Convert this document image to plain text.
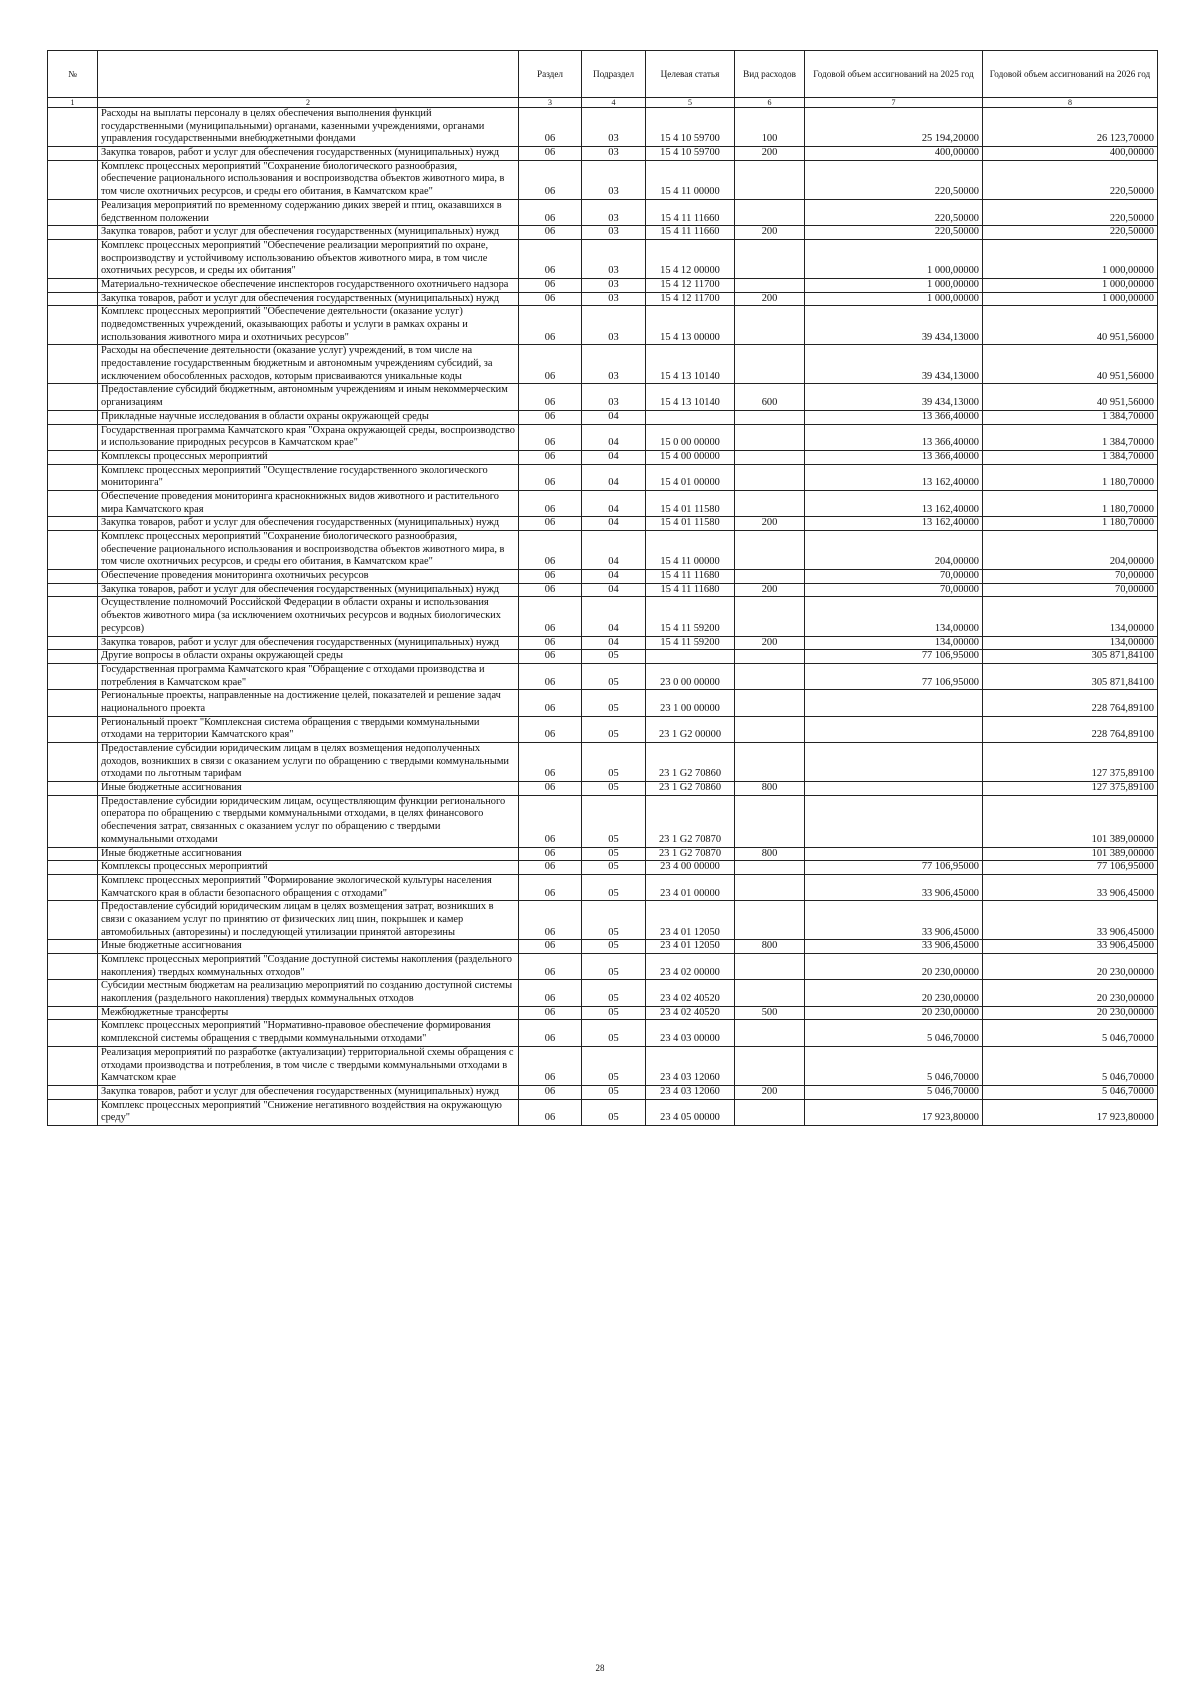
№		Раздел	Подраздел	Целевая статья	Вид расходов	Годовой объем ассигнований на 2025 год	Годовой объем ассигнований на 2026 год
1	2	3	4	5	6	7	8
	Расходы на выплаты персоналу в целях обеспечения выполнения функций государственными (муниципальными) органами, казенными учреждениями, органами управления государственными внебюджетными фондами	06	03	15 4 10 59700	100	25 194,20000	26 123,70000
	Закупка товаров, работ и услуг для обеспечения государственных (муниципальных) нужд	06	03	15 4 10 59700	200	400,00000	400,00000
	Комплекс процессных мероприятий "Сохранение биологического разнообразия, обеспечение рационального использования и воспроизводства объектов животного мира, в том числе охотничьих ресурсов, и среды его обитания, в Камчатском крае"	06	03	15 4 11 00000		220,50000	220,50000
	Реализация мероприятий по временному содержанию диких зверей и птиц, оказавшихся в бедственном положении	06	03	15 4 11 11660		220,50000	220,50000
	Закупка товаров, работ и услуг для обеспечения государственных (муниципальных) нужд	06	03	15 4 11 11660	200	220,50000	220,50000
	Комплекс процессных мероприятий "Обеспечение реализации мероприятий по охране, воспроизводству и устойчивому использованию объектов животного мира, в том числе охотничьих ресурсов, и среды их обитания"	06	03	15 4 12 00000		1 000,00000	1 000,00000
	Материально-техническое обеспечение инспекторов государственного охотничьего надзора	06	03	15 4 12 11700		1 000,00000	1 000,00000
	Закупка товаров, работ и услуг для обеспечения государственных (муниципальных) нужд	06	03	15 4 12 11700	200	1 000,00000	1 000,00000
	Комплекс процессных мероприятий "Обеспечение деятельности (оказание услуг) подведомственных учреждений, оказывающих работы и услуги в рамках охраны и использования животного мира и охотничьих ресурсов"	06	03	15 4 13 00000		39 434,13000	40 951,56000
	Расходы на обеспечение деятельности (оказание услуг) учреждений, в том числе на предоставление государственным бюджетным и автономным учреждениям субсидий, за исключением обособленных расходов, которым присваиваются уникальные коды	06	03	15 4 13 10140		39 434,13000	40 951,56000
	Предоставление субсидий бюджетным, автономным учреждениям и иным некоммерческим организациям	06	03	15 4 13 10140	600	39 434,13000	40 951,56000
	Прикладные научные исследования в области охраны окружающей среды	06	04			13 366,40000	1 384,70000
	Государственная программа Камчатского края "Охрана окружающей среды, воспроизводство и использование природных ресурсов в Камчатском крае"	06	04	15 0 00 00000		13 366,40000	1 384,70000
	Комплексы процессных мероприятий	06	04	15 4 00 00000		13 366,40000	1 384,70000
	Комплекс процессных мероприятий "Осуществление государственного экологического мониторинга"	06	04	15 4 01 00000		13 162,40000	1 180,70000
	Обеспечение проведения мониторинга краснокнижных видов животного и растительного мира Камчатского края	06	04	15 4 01 11580		13 162,40000	1 180,70000
	Закупка товаров, работ и услуг для обеспечения государственных (муниципальных) нужд	06	04	15 4 01 11580	200	13 162,40000	1 180,70000
	Комплекс процессных мероприятий "Сохранение биологического разнообразия, обеспечение рационального использования и воспроизводства объектов животного мира, в том числе охотничьих ресурсов, и среды его обитания, в Камчатском крае"	06	04	15 4 11 00000		204,00000	204,00000
	Обеспечение проведения мониторинга охотничьих ресурсов	06	04	15 4 11 11680		70,00000	70,00000
	Закупка товаров, работ и услуг для обеспечения государственных (муниципальных) нужд	06	04	15 4 11 11680	200	70,00000	70,00000
	Осуществление полномочий Российской Федерации в области охраны и использования объектов животного мира (за исключением охотничьих ресурсов и водных биологических ресурсов)	06	04	15 4 11 59200		134,00000	134,00000
	Закупка товаров, работ и услуг для обеспечения государственных (муниципальных) нужд	06	04	15 4 11 59200	200	134,00000	134,00000
	Другие вопросы в области охраны окружающей среды	06	05			77 106,95000	305 871,84100
	Государственная программа Камчатского края "Обращение с отходами производства и потребления в Камчатском крае"	06	05	23 0 00 00000		77 106,95000	305 871,84100
	Региональные проекты, направленные на достижение целей, показателей и решение задач национального проекта	06	05	23 1 00 00000			228 764,89100
	Региональный проект "Комплексная система обращения с твердыми коммунальными отходами на территории Камчатского края"	06	05	23 1 G2 00000			228 764,89100
	Предоставление субсидии юридическим лицам в целях возмещения недополученных доходов, возникших в связи с оказанием услуги по обращению с твердыми коммунальными отходами по льготным тарифам	06	05	23 1 G2 70860			127 375,89100
	Иные бюджетные ассигнования	06	05	23 1 G2 70860	800		127 375,89100
	Предоставление субсидии юридическим лицам, осуществляющим функции регионального оператора по обращению с твердыми коммунальными отходами, в целях финансового обеспечения затрат, связанных с оказанием услуг по обращению с твердыми коммунальными отходами	06	05	23 1 G2 70870			101 389,00000
	Иные бюджетные ассигнования	06	05	23 1 G2 70870	800		101 389,00000
	Комплексы процессных мероприятий	06	05	23 4 00 00000		77 106,95000	77 106,95000
	Комплекс процессных мероприятий "Формирование экологической культуры населения Камчатского края в области безопасного обращения с отходами"	06	05	23 4 01 00000		33 906,45000	33 906,45000
	Предоставление субсидий юридическим лицам в целях возмещения затрат, возникших в связи с оказанием услуг по принятию от физических лиц шин, покрышек и камер автомобильных (авторезины) и последующей утилизации принятой авторезины	06	05	23 4 01 12050		33 906,45000	33 906,45000
	Иные бюджетные ассигнования	06	05	23 4 01 12050	800	33 906,45000	33 906,45000
	Комплекс процессных мероприятий "Создание доступной системы накопления (раздельного накопления) твердых коммунальных отходов"	06	05	23 4 02 00000		20 230,00000	20 230,00000
	Субсидии местным бюджетам на реализацию мероприятий по созданию доступной системы накопления (раздельного накопления) твердых коммунальных отходов	06	05	23 4 02 40520		20 230,00000	20 230,00000
	Межбюджетные трансферты	06	05	23 4 02 40520	500	20 230,00000	20 230,00000
	Комплекс процессных мероприятий "Нормативно-правовое обеспечение формирования комплексной системы обращения с твердыми коммунальными отходами"	06	05	23 4 03 00000		5 046,70000	5 046,70000
	Реализация мероприятий по разработке (актуализации) территориальной схемы обращения с отходами производства и потребления, в том числе с твердыми коммунальными отходами в Камчатском крае	06	05	23 4 03 12060		5 046,70000	5 046,70000
	Закупка товаров, работ и услуг для обеспечения государственных (муниципальных) нужд	06	05	23 4 03 12060	200	5 046,70000	5 046,70000
	Комплекс процессных мероприятий "Снижение негативного воздействия на окружающую среду"	06	05	23 4 05 00000		17 923,80000	17 923,80000
28
